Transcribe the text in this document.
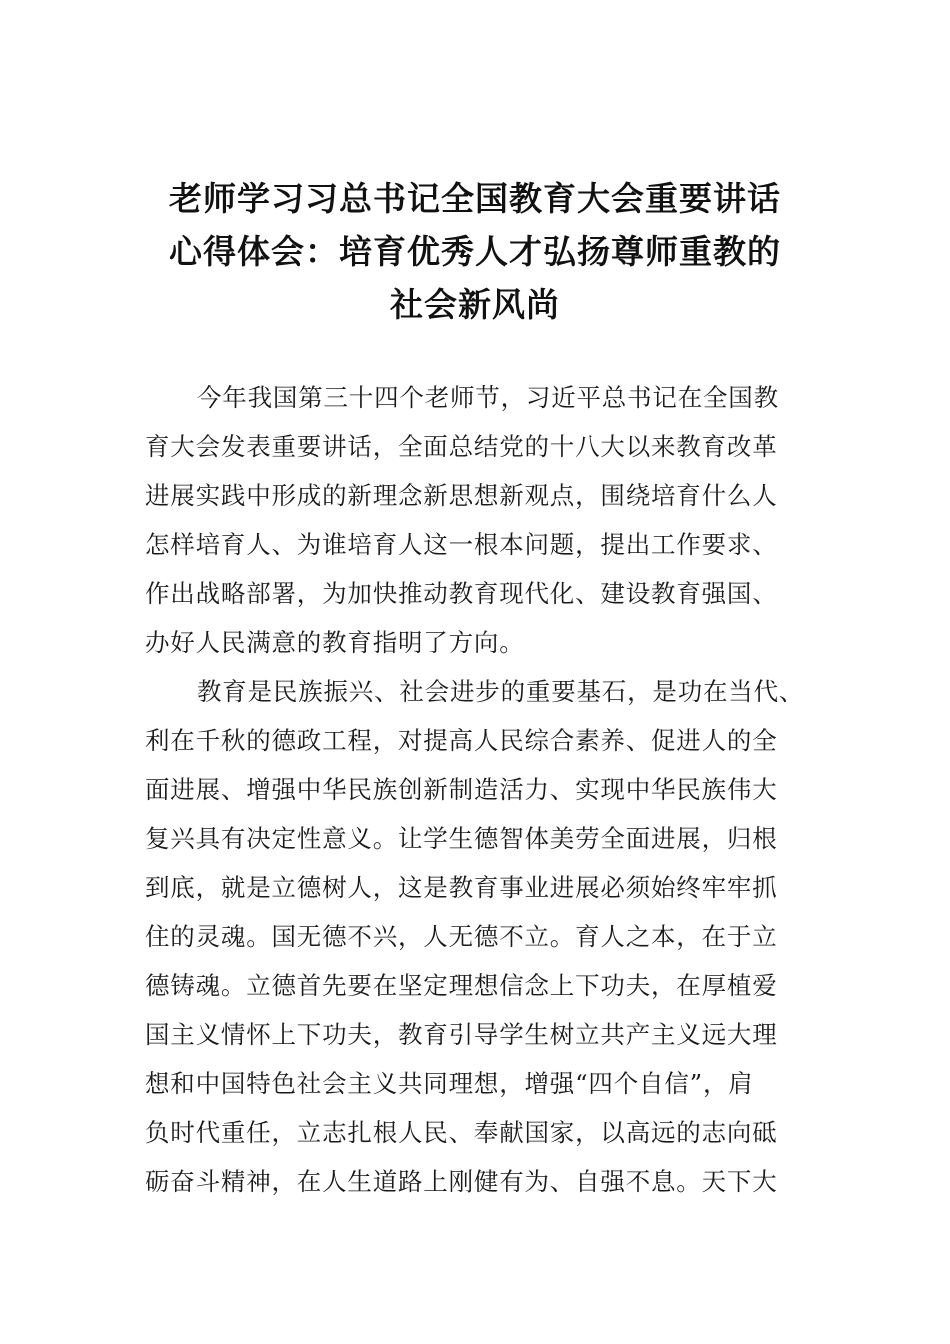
老师学习习总书记全国教育大会重要讲话
心得体会：培育优秀人才弘扬尊师重教的
社会新风尚
今年我国第三十四个老师节，习近平总书记在全国教
育大会发表重要讲话，全面总结党的十八大以来教育改革
进展实践中形成的新理念新思想新观点，围绕培育什么人
怎样培育人、为谁培育人这一根本问题，提出工作要求、
作出战略部署，为加快推动教育现代化、建设教育强国、
办好人民满意的教育指明了方向。
教育是民族振兴、社会进步的重要基石，是功在当代、
利在千秋的德政工程，对提高人民综合素养、促进人的全
面进展、增强中华民族创新制造活力、实现中华民族伟大
复兴具有决定性意义。让学生德智体美劳全面进展，归根
到底，就是立德树人，这是教育事业进展必须始终牢牢抓
住的灵魂。国无德不兴，人无德不立。育人之本，在于立
德铸魂。立德首先要在坚定理想信念上下功夫，在厚植爱
国主义情怀上下功夫，教育引导学生树立共产主义远大理
想和中国特色社会主义共同理想，增强“四个自信”，肩
负时代重任，立志扎根人民、奉献国家，以高远的志向砥
砺奋斗精神，在人生道路上刚健有为、自强不息。天下大
